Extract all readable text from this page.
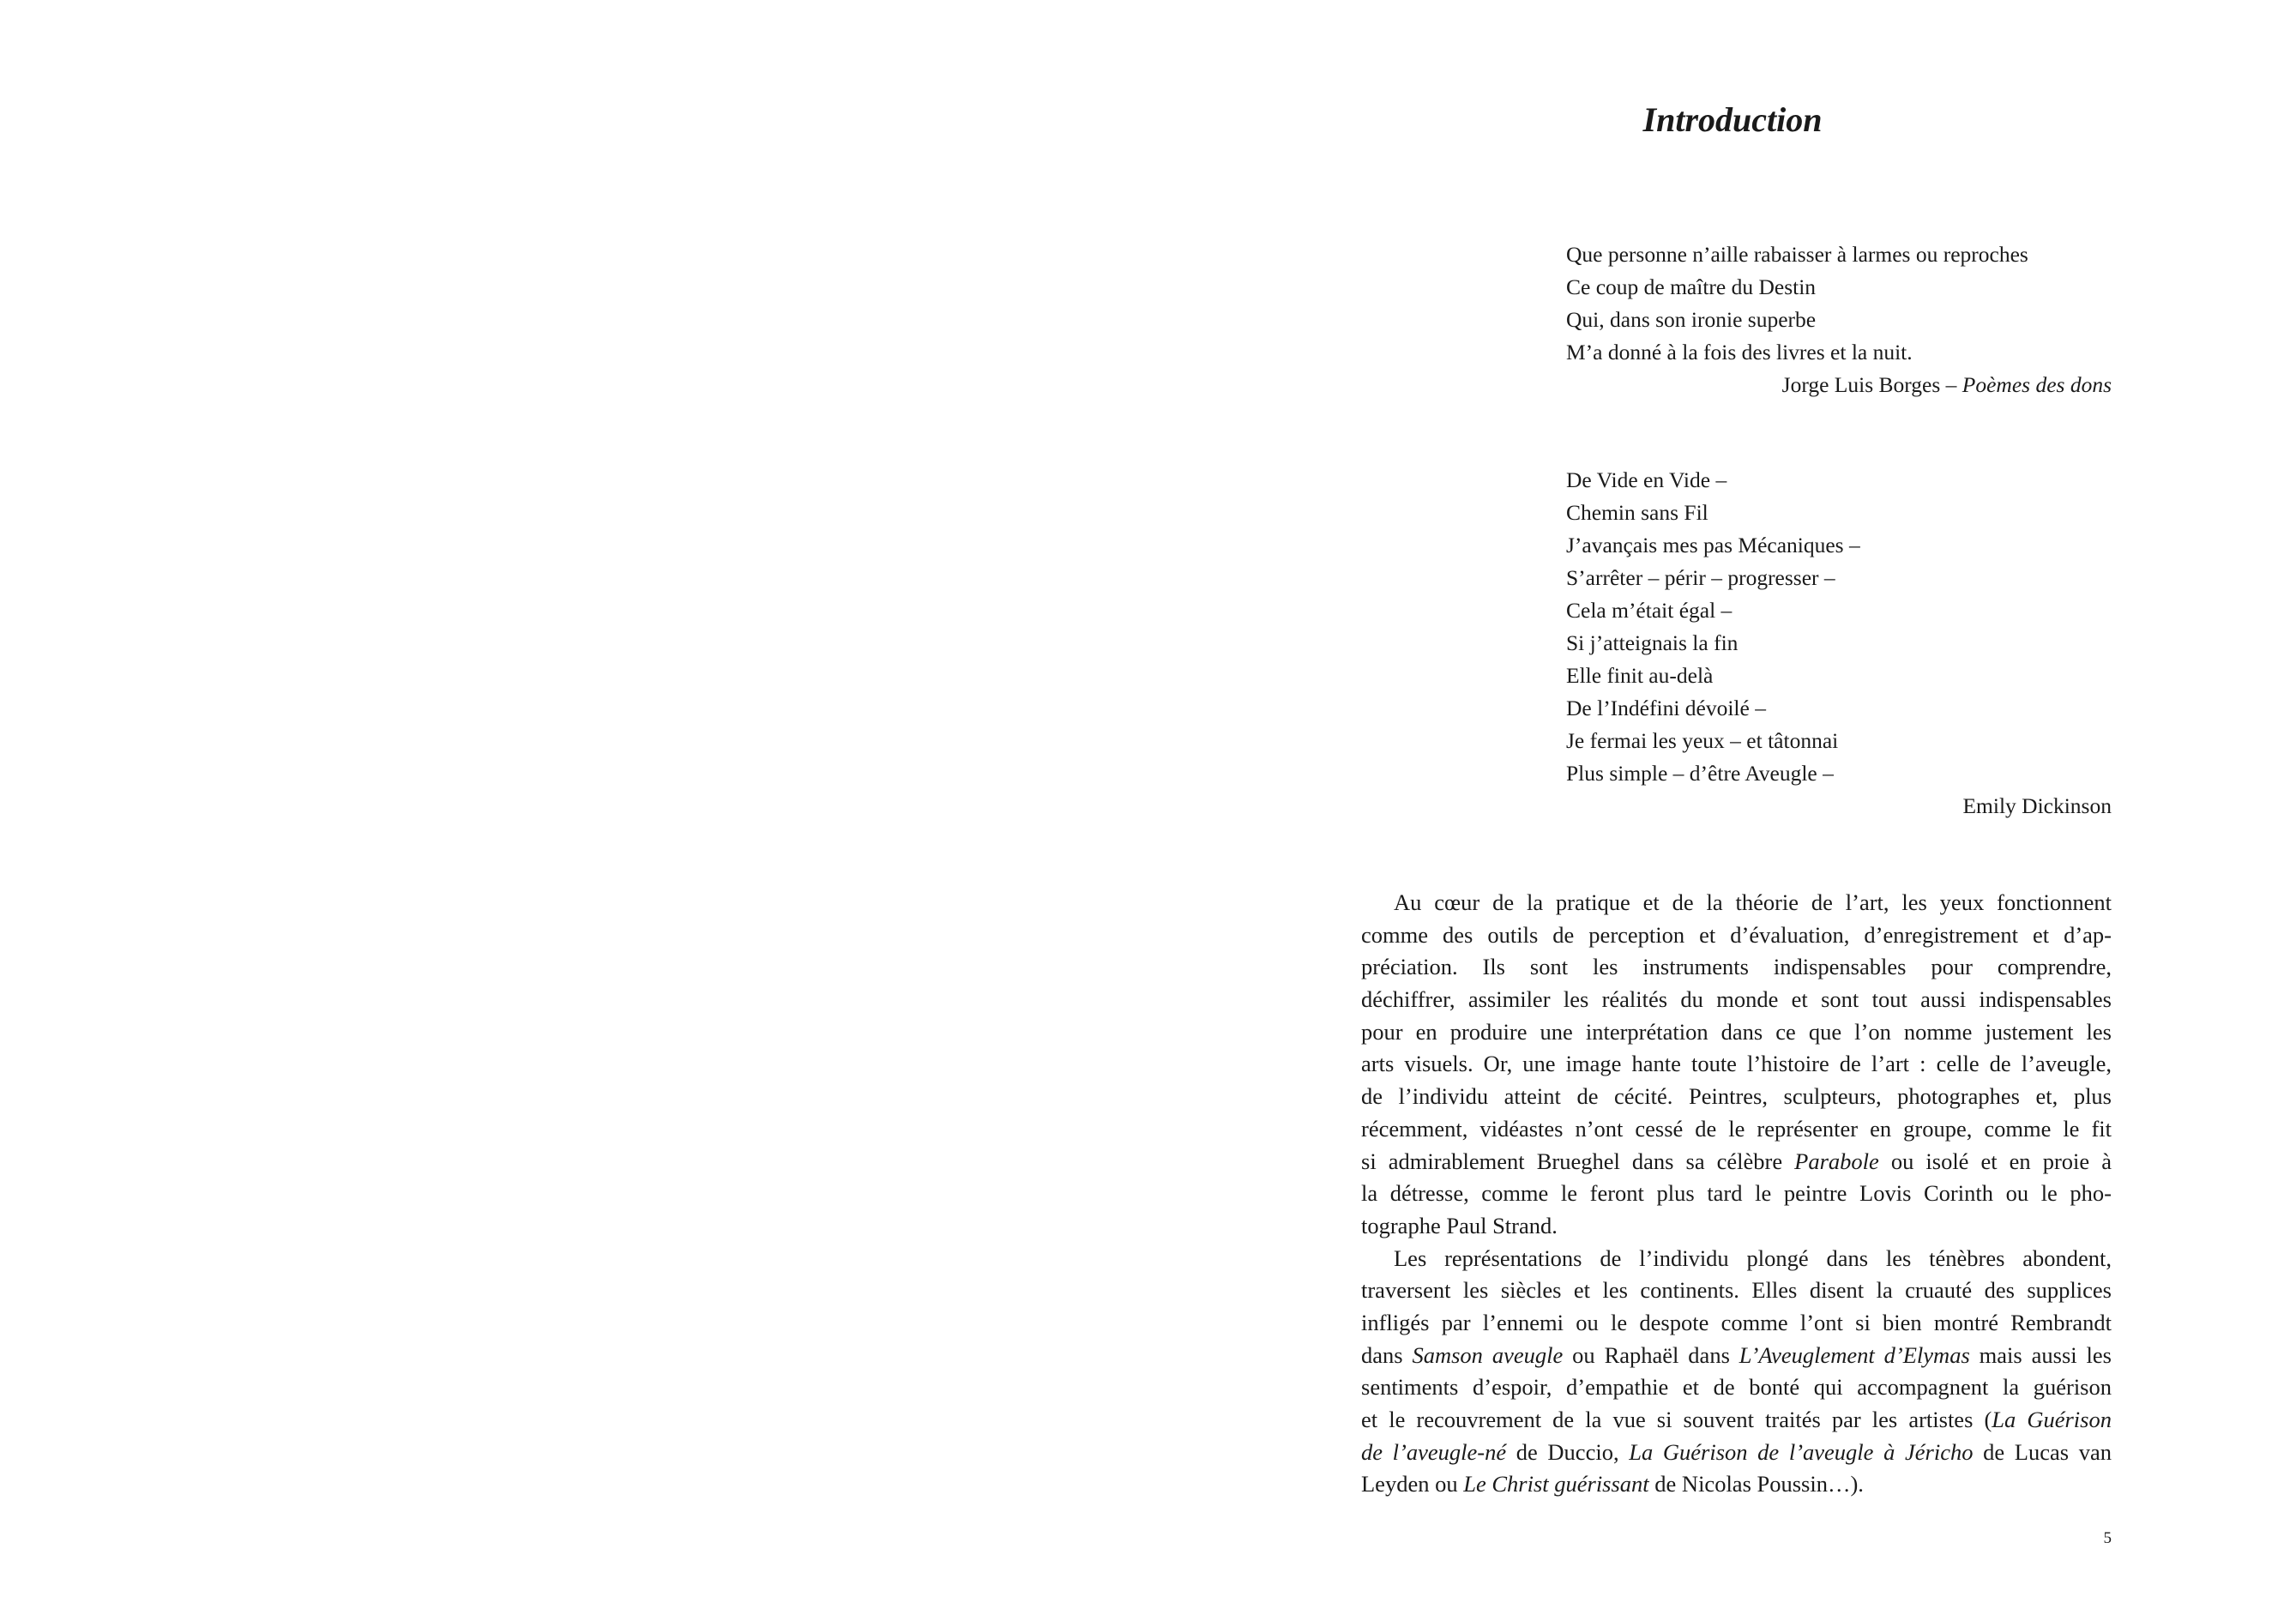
Introduction
Que personne n’aille rabaisser à larmes ou reproches
Ce coup de maître du Destin
Qui, dans son ironie superbe
M’a donné à la fois des livres et la nuit.
Jorge Luis Borges – Poèmes des dons
De Vide en Vide –
Chemin sans Fil
J’avançais mes pas Mécaniques –
S’arrêter – périr – progresser –
Cela m’était égal –
Si j’atteignais la fin
Elle finit au-delà
De l’Indéfini dévoilé –
Je fermai les yeux – et tâtonnai
Plus simple – d’être Aveugle –
Emily Dickinson
Au cœur de la pratique et de la théorie de l’art, les yeux fonctionnent
comme des outils de perception et d’évaluation, d’enregistrement et d’ap-
préciation. Ils sont les instruments indispensables pour comprendre,
déchiffrer, assimiler les réalités du monde et sont tout aussi indispensables
pour en produire une interprétation dans ce que l’on nomme justement les
arts visuels. Or, une image hante toute l’histoire de l’art : celle de l’aveugle,
de l’individu atteint de cécité. Peintres, sculpteurs, photographes et, plus
récemment, vidéastes n’ont cessé de le représenter en groupe, comme le fit
si admirablement Brueghel dans sa célèbre Parabole ou isolé et en proie à
la détresse, comme le feront plus tard le peintre Lovis Corinth ou le pho-
tographe Paul Strand.
Les représentations de l’individu plongé dans les ténèbres abondent,
traversent les siècles et les continents. Elles disent la cruauté des supplices
infligés par l’ennemi ou le despote comme l’ont si bien montré Rembrandt
dans Samson aveugle ou Raphaël dans L’Aveuglement d’Elymas mais aussi les
sentiments d’espoir, d’empathie et de bonté qui accompagnent la guérison
et le recouvrement de la vue si souvent traités par les artistes (La Guérison
de l’aveugle-né de Duccio, La Guérison de l’aveugle à Jéricho de Lucas van
Leyden ou Le Christ guérissant de Nicolas Poussin…).
5
